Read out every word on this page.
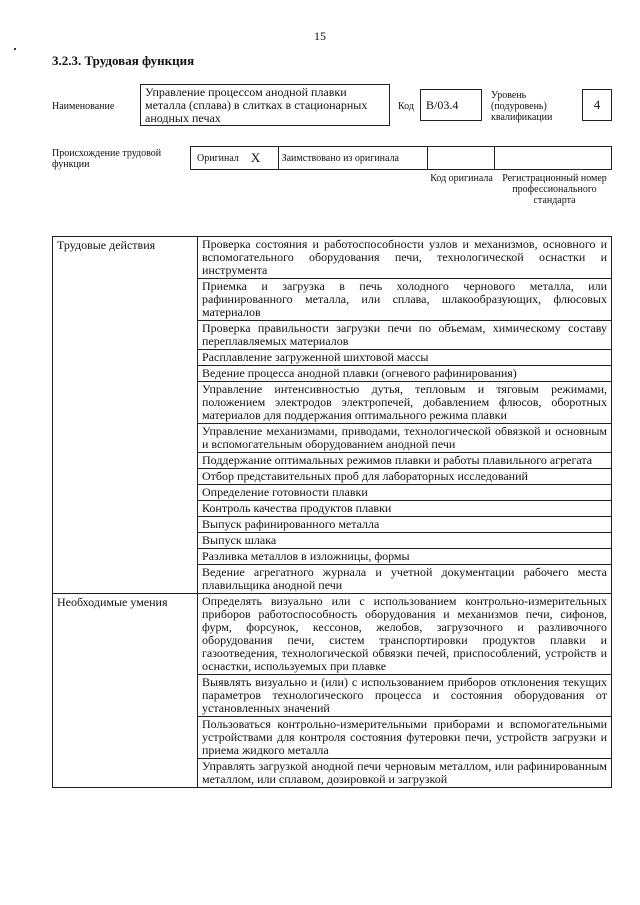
15
3.2.3. Трудовая функция
Наименование
Управление процессом анодной плавки металла (сплава) в слитках в стационарных анодных печах
Код	В/03.4
Уровень (подуровень) квалификации
4
Происхождение трудовой функции
Оригинал X	Заимствовано из оригинала
Код оригинала Регистрационный номер профессионального стандарта
Трудовые действия	Проверка состояния и работоспособности узлов и механизмов, основного и вспомогательного оборудования печи, технологической оснастки и инструмента
	Приемка и загрузка в печь холодного чернового металла, или рафинированного металла, или сплава, шлакообразующих, флюсовых материалов
	Проверка правильности загрузки печи по объемам, химическому составу переплавляемых материалов
	Расплавление загруженной шихтовой массы
	Ведение процесса анодной плавки (огневого рафинирования)
	Управление интенсивностью дутья, тепловым и тяговым режимами, положением электродов электропечей, добавлением флюсов, оборотных материалов для поддержания оптимального режима плавки
	Управление механизмами, приводами, технологической обвязкой и основным и вспомогательным оборудованием анодной печи
	Поддержание оптимальных режимов плавки и работы плавильного агрегата
	Отбор представительных проб для лабораторных исследований
	Определение готовности плавки
	Контроль качества продуктов плавки
	Выпуск рафинированного металла
	Выпуск шлака
	Разливка металлов в изложницы, формы
	Ведение агрегатного журнала и учетной документации рабочего места плавильщика анодной печи
Необходимые умения	Определять визуально или с использованием контрольно-измерительных приборов работоспособность оборудования и механизмов печи, сифонов, фурм, форсунок, кессонов, желобов, загрузочного и разливочного оборудования печи, систем транспортировки продуктов плавки и газоотведения, технологической обвязки печей, приспособлений, устройств и оснастки, используемых при плавке
	Выявлять визуально и (или) с использованием приборов отклонения текущих параметров технологического процесса и состояния оборудования от установленных значений
	Пользоваться контрольно-измерительными приборами и вспомогательными устройствами для контроля состояния футеровки печи, устройств загрузки и приема жидкого металла
	Управлять загрузкой анодной печи черновым металлом, или рафинированным металлом, или сплавом, дозировкой и загрузкой
